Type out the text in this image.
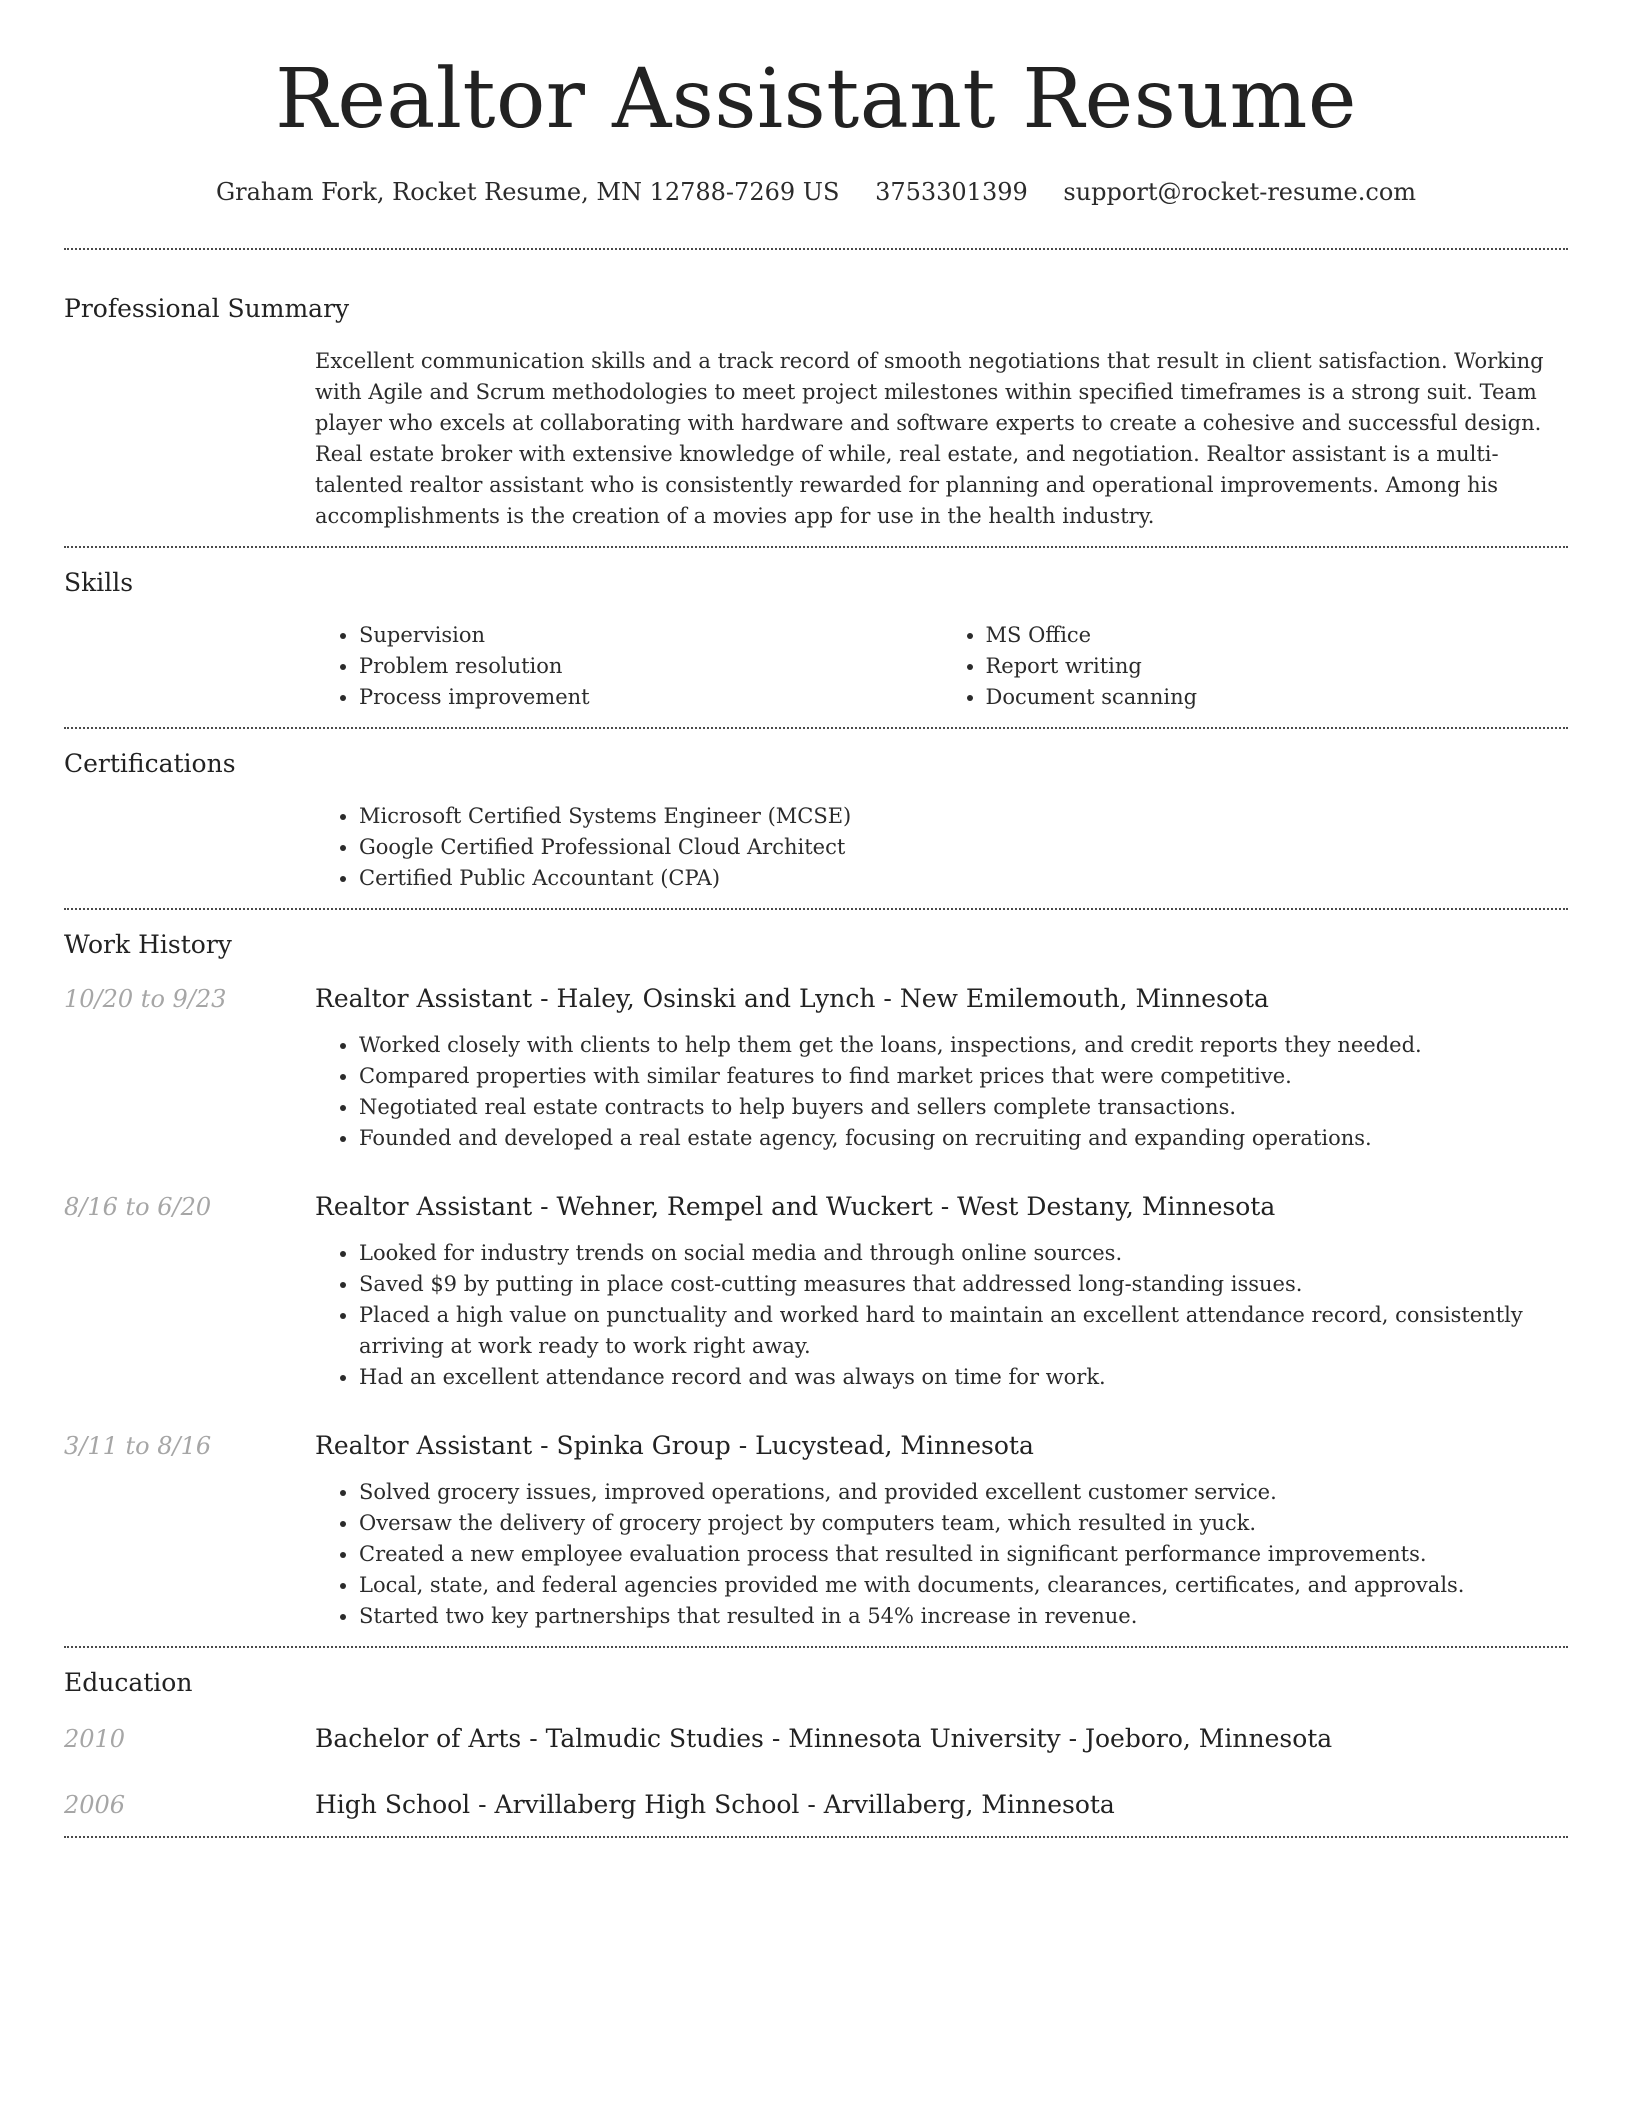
Realtor Assistant Resume
Graham Fork, Rocket Resume, MN 12788-7269 US 3753301399 support@rocket-resume.com
Professional Summary

Excellent communication skills and a track record of smooth negotiations that result in client satisfaction. Working with Agile and Scrum methodologies to meet project milestones within specified timeframes is a strong suit. Team player who excels at collaborating with hardware and software experts to create a cohesive and successful design. Real estate broker with extensive knowledge of while, real estate, and negotiation. Realtor assistant is a multi-talented realtor assistant who is consistently rewarded for planning and operational improvements. Among his accomplishments is the creation of a movies app for use in the health industry.

Skills
• Supervision
• Problem resolution
• Process improvement
• MS Office
• Report writing
• Document scanning
Certifications
• Microsoft Certified Systems Engineer (MCSE)
• Google Certified Professional Cloud Architect
• Certified Public Accountant (CPA)
Work History
10/20 to 9/23	Realtor Assistant - Haley, Osinski and Lynch - New Emilemouth, Minnesota
• Worked closely with clients to help them get the loans, inspections, and credit reports they needed.
• Compared properties with similar features to find market prices that were competitive.
• Negotiated real estate contracts to help buyers and sellers complete transactions.
• Founded and developed a real estate agency, focusing on recruiting and expanding operations.
8/16 to 6/20	Realtor Assistant - Wehner, Rempel and Wuckert - West Destany, Minnesota
• Looked for industry trends on social media and through online sources.
• Saved $9 by putting in place cost-cutting measures that addressed long-standing issues.
• Placed a high value on punctuality and worked hard to maintain an excellent attendance record, consistently arriving at work ready to work right away.
• Had an excellent attendance record and was always on time for work.
3/11 to 8/16	Realtor Assistant - Spinka Group - Lucystead, Minnesota
• Solved grocery issues, improved operations, and provided excellent customer service.
• Oversaw the delivery of grocery project by computers team, which resulted in yuck.
• Created a new employee evaluation process that resulted in significant performance improvements.
• Local, state, and federal agencies provided me with documents, clearances, certificates, and approvals.
• Started two key partnerships that resulted in a 54% increase in revenue.
Education
2010	Bachelor of Arts - Talmudic Studies - Minnesota University - Joeboro, Minnesota
2006	High School - Arvillaberg High School - Arvillaberg, Minnesota
